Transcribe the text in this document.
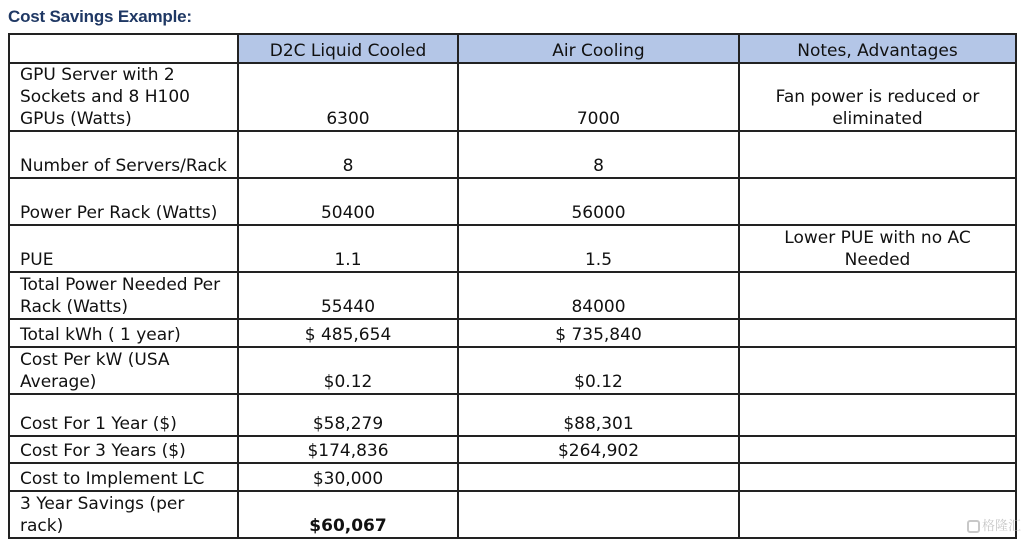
Cost Savings Example:
	D2C Liquid Cooled	Air Cooling	Notes, Advantages
GPU Server with 2 Sockets and 8 H100 GPUs (Watts)	6300	7000	Fan power is reduced or eliminated
Number of Servers/Rack	8	8	
Power Per Rack (Watts)	50400	56000	
PUE	1.1	1.5	Lower PUE with no AC Needed
Total Power Needed Per Rack (Watts)	55440	84000	
Total kWh ( 1 year)	$ 485,654	$ 735,840	
Cost Per kW (USA Average)	$0.12	$0.12	
Cost For 1 Year ($)	$58,279	$88,301	
Cost For 3 Years ($)	$174,836	$264,902	
Cost to Implement LC	$30,000		
3 Year Savings (per rack)	$60,067			格隆汇
